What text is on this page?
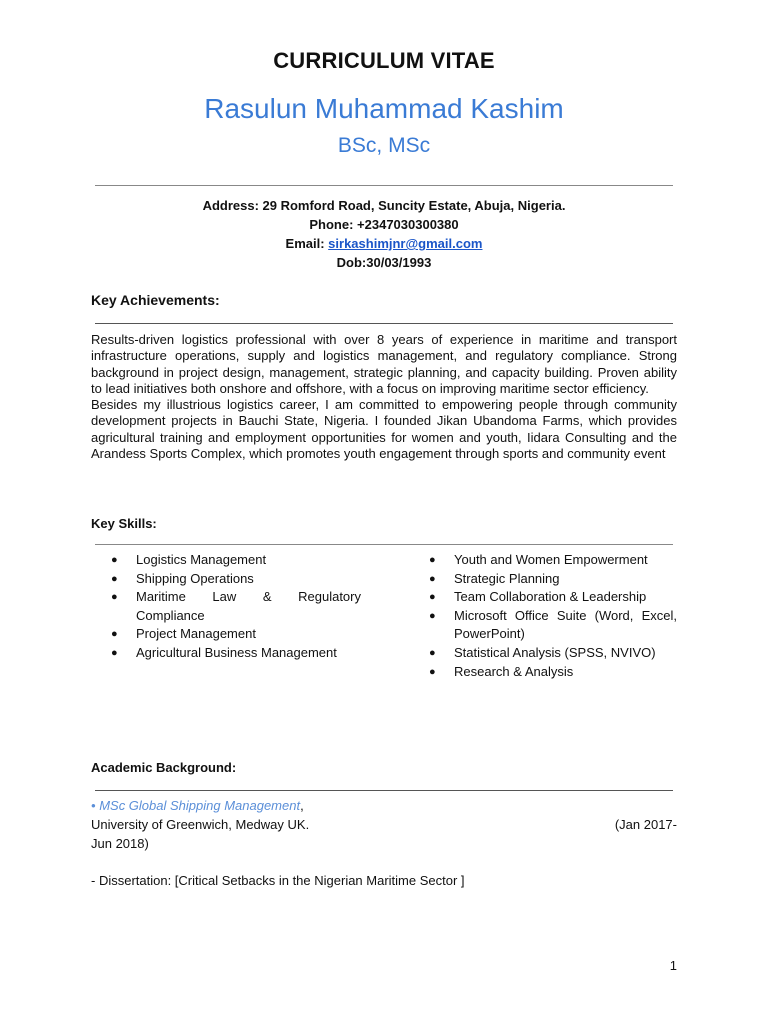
CURRICULUM VITAE
Rasulun Muhammad Kashim
BSc, MSc
Address: 29 Romford Road, Suncity Estate, Abuja, Nigeria.
Phone: +2347030300380
Email: sirkashimjnr@gmail.com
Dob:30/03/1993
Key Achievements:

Results-driven logistics professional with over 8 years of experience in maritime and transport infrastructure operations, supply and logistics management, and regulatory compliance. Strong background in project design, management, strategic planning, and capacity building. Proven ability to lead initiatives both onshore and offshore, with a focus on improving maritime sector efficiency.

Besides my illustrious logistics career, I am committed to empowering people through community development projects in Bauchi State, Nigeria. I founded Jikan Ubandoma Farms, which provides agricultural training and employment opportunities for women and youth, Iidara Consulting and the Arandess Sports Complex, which promotes youth engagement through sports and community event

Key Skills:
● Logistics Management
● Shipping Operations
● Maritime Law & Regulatory Compliance
● Project Management
● Agricultural Business Management
● Youth and Women Empowerment
● Strategic Planning
● Team Collaboration & Leadership
● Microsoft Office Suite (Word, Excel, PowerPoint)
● Statistical Analysis (SPSS, NVIVO)
● Research & Analysis
Academic Background:
• MSc Global Shipping Management,
University of Greenwich, Medway UK.	(Jan 2017-
Jun 2018)
- Dissertation: [Critical Setbacks in the Nigerian Maritime Sector ]
1
